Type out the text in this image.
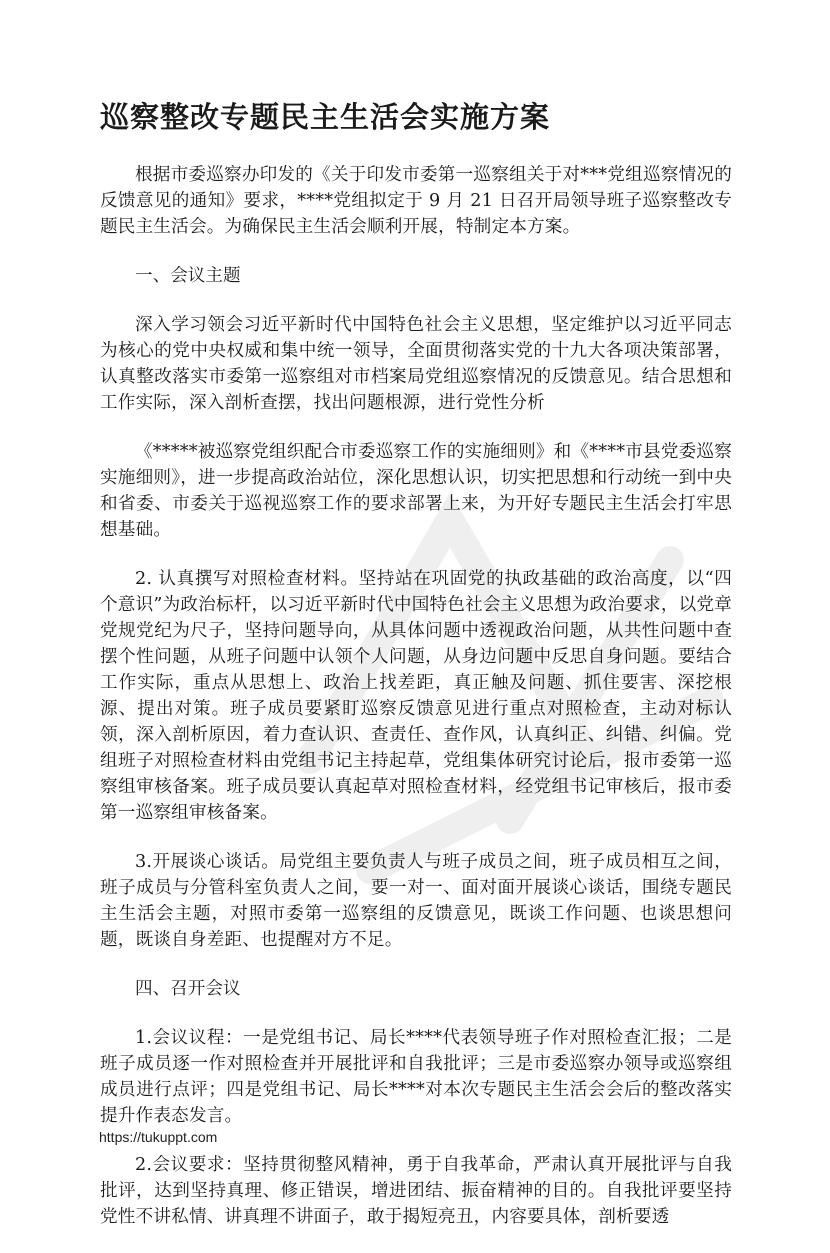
巡察整改专题民主生活会实施方案

根据市委巡察办印发的《关于印发市委第一巡察组关于对***党组巡察情况的反馈意见的通知》要求，****党组拟定于 9 月 21 日召开局领导班子巡察整改专题民主生活会。为确保民主生活会顺利开展，特制定本方案。

一、会议主题

深入学习领会习近平新时代中国特色社会主义思想，坚定维护以习近平同志为核心的党中央权威和集中统一领导，全面贯彻落实党的十九大各项决策部署，认真整改落实市委第一巡察组对市档案局党组巡察情况的反馈意见。结合思想和工作实际，深入剖析查摆，找出问题根源，进行党性分析

《*****被巡察党组织配合市委巡察工作的实施细则》和《****市县党委巡察实施细则》，进一步提高政治站位，深化思想认识，切实把思想和行动统一到中央和省委、市委关于巡视巡察工作的要求部署上来，为开好专题民主生活会打牢思想基础。

2. 认真撰写对照检查材料。坚持站在巩固党的执政基础的政治高度，以“四个意识”为政治标杆，以习近平新时代中国特色社会主义思想为政治要求，以党章党规党纪为尺子，坚持问题导向，从具体问题中透视政治问题，从共性问题中查摆个性问题，从班子问题中认领个人问题，从身边问题中反思自身问题。要结合工作实际，重点从思想上、政治上找差距，真正触及问题、抓住要害、深挖根源、提出对策。班子成员要紧盯巡察反馈意见进行重点对照检查，主动对标认领，深入剖析原因，着力查认识、查责任、查作风，认真纠正、纠错、纠偏。党组班子对照检查材料由党组书记主持起草，党组集体研究讨论后，报市委第一巡察组审核备案。班子成员要认真起草对照检查材料，经党组书记审核后，报市委第一巡察组审核备案。

3.开展谈心谈话。局党组主要负责人与班子成员之间，班子成员相互之间，班子成员与分管科室负责人之间，要一对一、面对面开展谈心谈话，围绕专题民主生活会主题，对照市委第一巡察组的反馈意见，既谈工作问题、也谈思想问题，既谈自身差距、也提醒对方不足。

四、召开会议

1.会议议程：一是党组书记、局长****代表领导班子作对照检查汇报；二是班子成员逐一作对照检查并开展批评和自我批评；三是市委巡察办领导或巡察组成员进行点评；四是党组书记、局长****对本次专题民主生活会会后的整改落实提升作表态发言。

2.会议要求：坚持贯彻整风精神，勇于自我革命，严肃认真开展批评与自我批评，达到坚持真理、修正错误，增进团结、振奋精神的目的。自我批评要坚持党性不讲私情、讲真理不讲面子，敢于揭短亮丑，内容要具体，剖析要透

https://tukuppt.com
